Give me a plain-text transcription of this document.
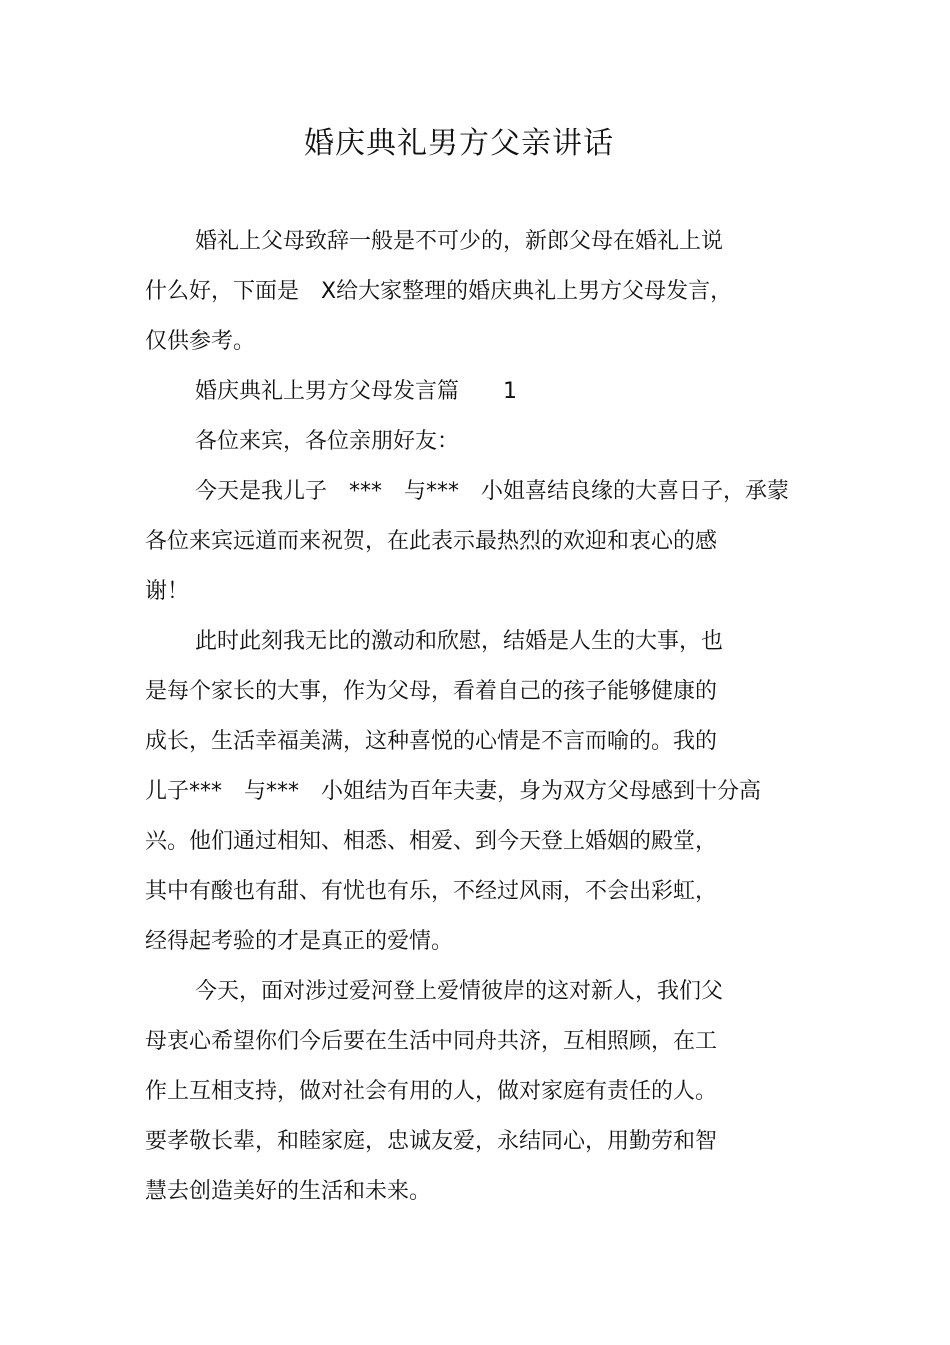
婚庆典礼男方父亲讲话
婚礼上父母致辞一般是不可少的，新郎父母在婚礼上说
什么好，下面是　X给大家整理的婚庆典礼上男方父母发言，
仅供参考。
婚庆典礼上男方父母发言篇　　1
各位来宾，各位亲朋好友：
今天是我儿子　***　与***　小姐喜结良缘的大喜日子，承蒙
各位来宾远道而来祝贺，在此表示最热烈的欢迎和衷心的感
谢！
此时此刻我无比的激动和欣慰，结婚是人生的大事，也
是每个家长的大事，作为父母，看着自己的孩子能够健康的
成长，生活幸福美满，这种喜悦的心情是不言而喻的。我的
儿子***　与***　小姐结为百年夫妻，身为双方父母感到十分高
兴。他们通过相知、相悉、相爱、到今天登上婚姻的殿堂，
其中有酸也有甜、有忧也有乐，不经过风雨，不会出彩虹，
经得起考验的才是真正的爱情。
今天，面对涉过爱河登上爱情彼岸的这对新人，我们父
母衷心希望你们今后要在生活中同舟共济，互相照顾，在工
作上互相支持，做对社会有用的人，做对家庭有责任的人。
要孝敬长辈，和睦家庭，忠诚友爱，永结同心，用勤劳和智
慧去创造美好的生活和未来。
